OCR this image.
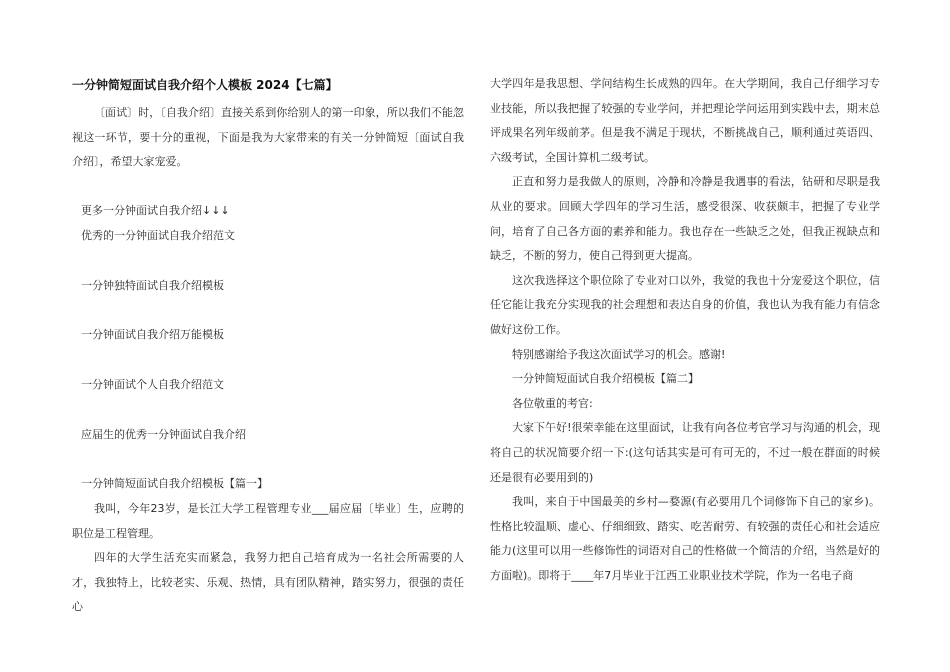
一分钟简短面试自我介绍个人模板 2024【七篇】

〔面试〕时，〔自我介绍〕直接关系到你给别人的第一印象，所以我们不能忽视这一环节，要十分的重视，下面是我为大家带来的有关一分钟简短〔面试自我介绍〕，希望大家宠爱。

更多一分钟面试自我介绍↓↓↓
优秀的一分钟面试自我介绍范文
一分钟独特面试自我介绍模板
一分钟面试自我介绍万能模板
一分钟面试个人自我介绍范文
应届生的优秀一分钟面试自我介绍
一分钟简短面试自我介绍模板【篇一】

我叫，今年23岁，是长江大学工程管理专业___届应届〔毕业〕生，应聘的职位是工程管理。

四年的大学生活充实而紧急，我努力把自己培育成为一名社会所需要的人才，我独特上，比较老实、乐观、热情，具有团队精神，踏实努力，很强的责任心

大学四年是我思想、学问结构生长成熟的四年。在大学期间，我自己仔细学习专业技能，所以我把握了较强的专业学问，并把理论学问运用到实践中去，期末总评成果名列年级前茅。但是我不满足于现状，不断挑战自己，顺利通过英语四、六级考试，全国计算机二级考试。

正直和努力是我做人的原则，冷静和冷静是我遇事的看法，钻研和尽职是我从业的要求。回顾大学四年的学习生活，感受很深、收获颇丰，把握了专业学问，培育了自己各方面的素养和能力。我也存在一些缺乏之处，但我正视缺点和缺乏，不断的努力，使自己得到更大提高。

这次我选择这个职位除了专业对口以外，我觉的我也十分宠爱这个职位，信任它能让我充分实现我的社会理想和表达自身的价值，我也认为我有能力有信念做好这份工作。

特别感谢给予我这次面试学习的机会。感谢!

一分钟简短面试自我介绍模板【篇二】

各位敬重的考官:

大家下午好!很荣幸能在这里面试，让我有向各位考官学习与沟通的机会，现将自己的状况简要介绍一下:(这句话其实是可有可无的，不过一般在群面的时候还是很有必要用到的)

我叫，来自于中国最美的乡村—婺源(有必要用几个词修饰下自己的家乡)。性格比较温顺、虚心、仔细细致、踏实、吃苦耐劳、有较强的责任心和社会适应能力(这里可以用一些修饰性的词语对自己的性格做一个简洁的介绍，当然是好的方面啦)。即将于____年7月毕业于江西工业职业技术学院，作为一名电子商
